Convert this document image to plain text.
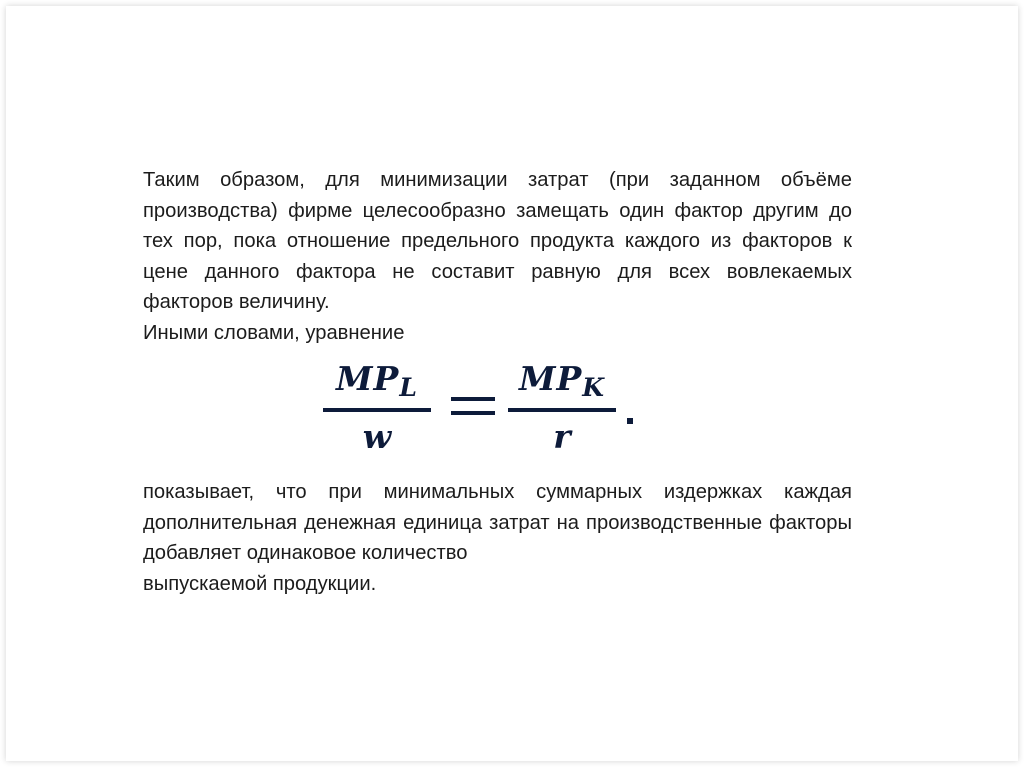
Таким образом, для минимизации затрат (при заданном объёме производства) фирме целесообразно замещать один фактор другим до тех пор, пока отношение предельного продукта каждого из факторов к цене данного фактора не составит равную для всех вовлекаемых факторов величину.
Иными словами, уравнение

$MP_L$
w
$MP_K$
r

показывает, что при минимальных суммарных издержках каждая дополнительная денежная единица затрат на производственные факторы добавляет одинаковое количество
выпускаемой продукции.
